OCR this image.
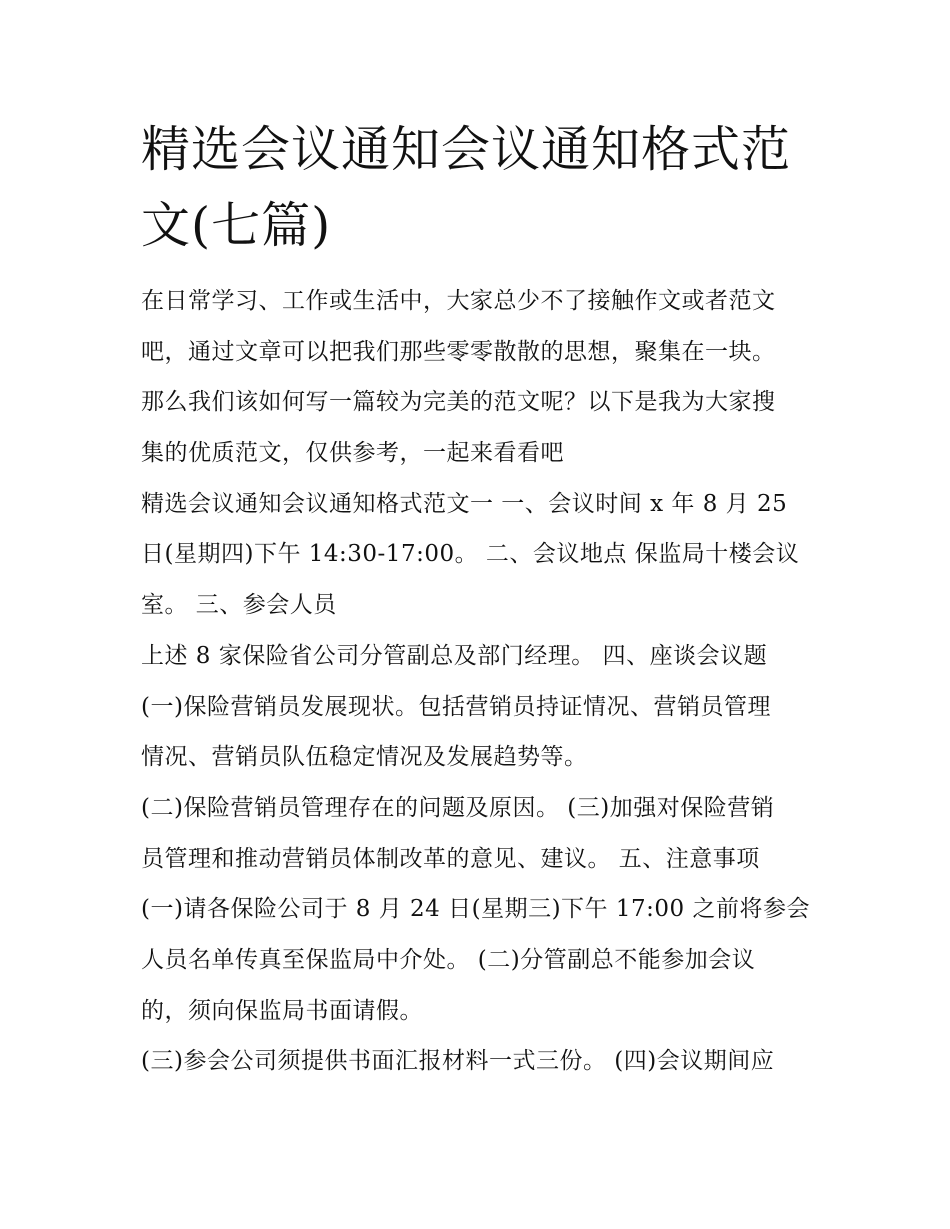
精选会议通知会议通知格式范
文(七篇)

在日常学习、工作或生活中，大家总少不了接触作文或者范文
吧，通过文章可以把我们那些零零散散的思想，聚集在一块。
那么我们该如何写一篇较为完美的范文呢？以下是我为大家搜
集的优质范文，仅供参考，一起来看看吧

精选会议通知会议通知格式范文一 一、会议时间 x 年 8 月 25
日(星期四)下午 14:30-17:00。 二、会议地点 保监局十楼会议
室。 三、参会人员

上述 8 家保险省公司分管副总及部门经理。 四、座谈会议题
(一)保险营销员发展现状。包括营销员持证情况、营销员管理
情况、营销员队伍稳定情况及发展趋势等。

(二)保险营销员管理存在的问题及原因。 (三)加强对保险营销
员管理和推动营销员体制改革的意见、建议。 五、注意事项
(一)请各保险公司于 8 月 24 日(星期三)下午 17:00 之前将参会
人员名单传真至保监局中介处。 (二)分管副总不能参加会议
的，须向保监局书面请假。

(三)参会公司须提供书面汇报材料一式三份。 (四)会议期间应
